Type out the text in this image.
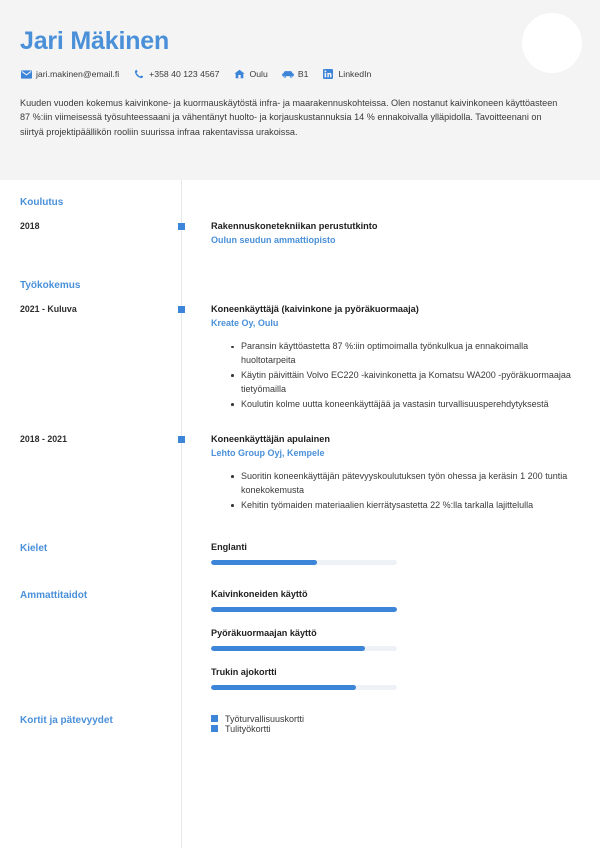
Jari Mäkinen
jari.makinen@email.fi	+358 40 123 4567	Oulu	B1	LinkedIn
Kuuden vuoden kokemus kaivinkone- ja kuormauskäytöstä infra- ja maarakennuskohteissa. Olen nostanut kaivinkoneen käyttöasteen 87 %:iin viimeisessä työsuhteessaani ja vähentänyt huolto- ja korjauskustannuksia 14 % ennakoivalla ylläpidolla. Tavoitteenani on siirtyä projektipäällikön rooliin suurissa infraa rakentavissa urakoissa.
Koulutus
2018	Rakennuskonetekniikan perustutkinto
Oulun seudun ammattiopisto
Työkokemus
2021 - Kuluva	Koneenkäyttäjä (kaivinkone ja pyöräkuormaaja)
Kreate Oy, Oulu
Paransin käyttöastetta 87 %:iin optimoimalla työnkulkua ja ennakoimalla huoltotarpeita
Käytin päivittäin Volvo EC220 -kaivinkonetta ja Komatsu WA200 -pyöräkuormaajaa tietyömailla
Koulutin kolme uutta koneenkäyttäjää ja vastasin turvallisuusperehdytyksestä
2018 - 2021	Koneenkäyttäjän apulainen
Lehto Group Oyj, Kempele
Suoritin koneenkäyttäjän pätevyyskoulutuksen työn ohessa ja keräsin 1 200 tuntia konekokemusta
Kehitin työmaiden materiaalien kierrätysastetta 22 %:lla tarkalla lajittelulla
Kielet	Englanti
Ammattitaidot	Kaivinkoneiden käyttö
Pyöräkuormaajan käyttö
Trukin ajokortti
Kortit ja pätevyydet	Työturvallisuuskortti
Tulityökortti
